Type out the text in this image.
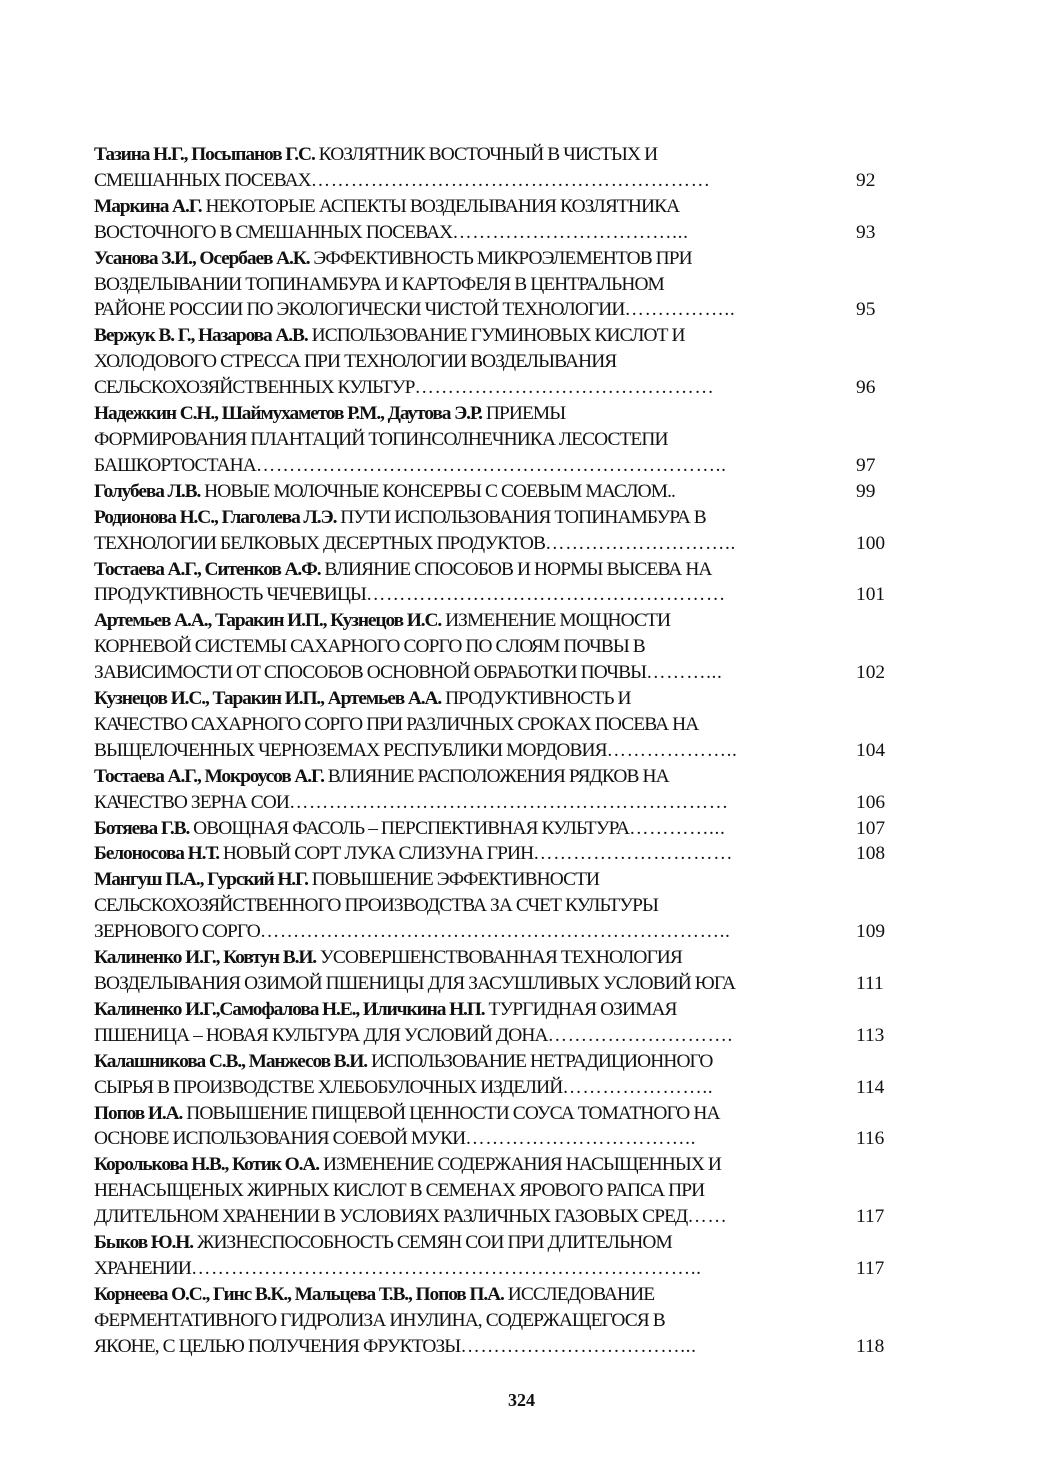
Тазина Н.Г., Посыпанов Г.С. КОЗЛЯТНИК ВОСТОЧНЫЙ В ЧИСТЫХ И
СМЕШАННЫХ ПОСЕВАХ……………………………………………………	92
Маркина А.Г. НЕКОТОРЫЕ АСПЕКТЫ ВОЗДЕЛЫВАНИЯ КОЗЛЯТНИКА
ВОСТОЧНОГО В СМЕШАННЫХ ПОСЕВАХ……………………………...	93
Усанова З.И., Осербаев А.К. ЭФФЕКТИВНОСТЬ МИКРОЭЛЕМЕНТОВ ПРИ
ВОЗДЕЛЫВАНИИ ТОПИНАМБУРА И КАРТОФЕЛЯ В ЦЕНТРАЛЬНОМ
РАЙОНЕ РОССИИ ПО ЭКОЛОГИЧЕСКИ ЧИСТОЙ ТЕХНОЛОГИИ……………..	95
Вержук В. Г., Назарова А.В. ИСПОЛЬЗОВАНИЕ ГУМИНОВЫХ КИСЛОТ И
ХОЛОДОВОГО СТРЕССА ПРИ ТЕХНОЛОГИИ ВОЗДЕЛЫВАНИЯ
СЕЛЬСКОХОЗЯЙСТВЕННЫХ КУЛЬТУР………………………………………	96
Надежкин С.Н., Шаймухаметов Р.М., Даутова Э.Р. ПРИЕМЫ
ФОРМИРОВАНИЯ ПЛАНТАЦИЙ ТОПИНСОЛНЕЧНИКА ЛЕСОСТЕПИ
БАШКОРТОСТАНА……………………………………………………………..	97
Голубева Л.В. НОВЫЕ МОЛОЧНЫЕ КОНСЕРВЫ С СОЕВЫМ МАСЛОМ..	99
Родионова Н.С., Глаголева Л.Э. ПУТИ ИСПОЛЬЗОВАНИЯ ТОПИНАМБУРА В
ТЕХНОЛОГИИ БЕЛКОВЫХ ДЕСЕРТНЫХ ПРОДУКТОВ………………………..	100
Тостаева А.Г., Ситенков А.Ф. ВЛИЯНИЕ СПОСОБОВ И НОРМЫ ВЫСЕВА НА
ПРОДУКТИВНОСТЬ ЧЕЧЕВИЦЫ………………………………………………	101
Артемьев А.А., Таракин И.П., Кузнецов И.С. ИЗМЕНЕНИЕ МОЩНОСТИ
КОРНЕВОЙ СИСТЕМЫ САХАРНОГО СОРГО ПО СЛОЯМ ПОЧВЫ В
ЗАВИСИМОСТИ ОТ СПОСОБОВ ОСНОВНОЙ ОБРАБОТКИ ПОЧВЫ………...	102
Кузнецов И.С., Таракин И.П., Артемьев А.А. ПРОДУКТИВНОСТЬ И
КАЧЕСТВО САХАРНОГО СОРГО ПРИ РАЗЛИЧНЫХ СРОКАХ ПОСЕВА НА
ВЫЩЕЛОЧЕННЫХ ЧЕРНОЗЕМАХ РЕСПУБЛИКИ МОРДОВИЯ………………..	104
Тостаева А.Г., Мокроусов А.Г. ВЛИЯНИЕ РАСПОЛОЖЕНИЯ РЯДКОВ НА
КАЧЕСТВО ЗЕРНА СОИ…………………………………………………………	106
Ботяева Г.В. ОВОЩНАЯ ФАСОЛЬ – ПЕРСПЕКТИВНАЯ КУЛЬТУРА…………...	107
Белоносова Н.Т. НОВЫЙ СОРТ ЛУКА СЛИЗУНА ГРИН…………………………	108
Мангуш П.А., Гурский Н.Г. ПОВЫШЕНИЕ ЭФФЕКТИВНОСТИ
СЕЛЬСКОХОЗЯЙСТВЕННОГО ПРОИЗВОДСТВА ЗА СЧЕТ КУЛЬТУРЫ
ЗЕРНОВОГО СОРГО……………………………………………………………..	109
Калиненко И.Г., Ковтун В.И. УСОВЕРШЕНСТВОВАННАЯ ТЕХНОЛОГИЯ
ВОЗДЕЛЫВАНИЯ ОЗИМОЙ ПШЕНИЦЫ ДЛЯ ЗАСУШЛИВЫХ УСЛОВИЙ ЮГА	111
Калиненко И.Г.,Самофалова Н.Е., Иличкина Н.П. ТУРГИДНАЯ ОЗИМАЯ
ПШЕНИЦА – НОВАЯ КУЛЬТУРА ДЛЯ УСЛОВИЙ ДОНА……………………….	113
Калашникова С.В., Манжесов В.И. ИСПОЛЬЗОВАНИЕ НЕТРАДИЦИОННОГО
СЫРЬЯ В ПРОИЗВОДСТВЕ ХЛЕБОБУЛОЧНЫХ ИЗДЕЛИЙ…………………..	114
Попов И.А. ПОВЫШЕНИЕ ПИЩЕВОЙ ЦЕННОСТИ СОУСА ТОМАТНОГО НА
ОСНОВЕ ИСПОЛЬЗОВАНИЯ СОЕВОЙ МУКИ……………………………..	116
Королькова Н.В., Котик О.А. ИЗМЕНЕНИЕ СОДЕРЖАНИЯ НАСЫЩЕННЫХ И
НЕНАСЫЩЕНЫХ ЖИРНЫХ КИСЛОТ В СЕМЕНАХ ЯРОВОГО РАПСА ПРИ
ДЛИТЕЛЬНОМ ХРАНЕНИИ В УСЛОВИЯХ РАЗЛИЧНЫХ ГАЗОВЫХ СРЕД……	117
Быков Ю.Н. ЖИЗНЕСПОСОБНОСТЬ СЕМЯН СОИ ПРИ ДЛИТЕЛЬНОМ
ХРАНЕНИИ…………………………………………………………………..	117
Корнеева О.С., Гинс В.К., Мальцева Т.В., Попов П.А. ИССЛЕДОВАНИЕ
ФЕРМЕНТАТИВНОГО ГИДРОЛИЗА ИНУЛИНА, СОДЕРЖАЩЕГОСЯ В
ЯКОНЕ, С ЦЕЛЬЮ ПОЛУЧЕНИЯ ФРУКТОЗЫ……………………………...	118
324
